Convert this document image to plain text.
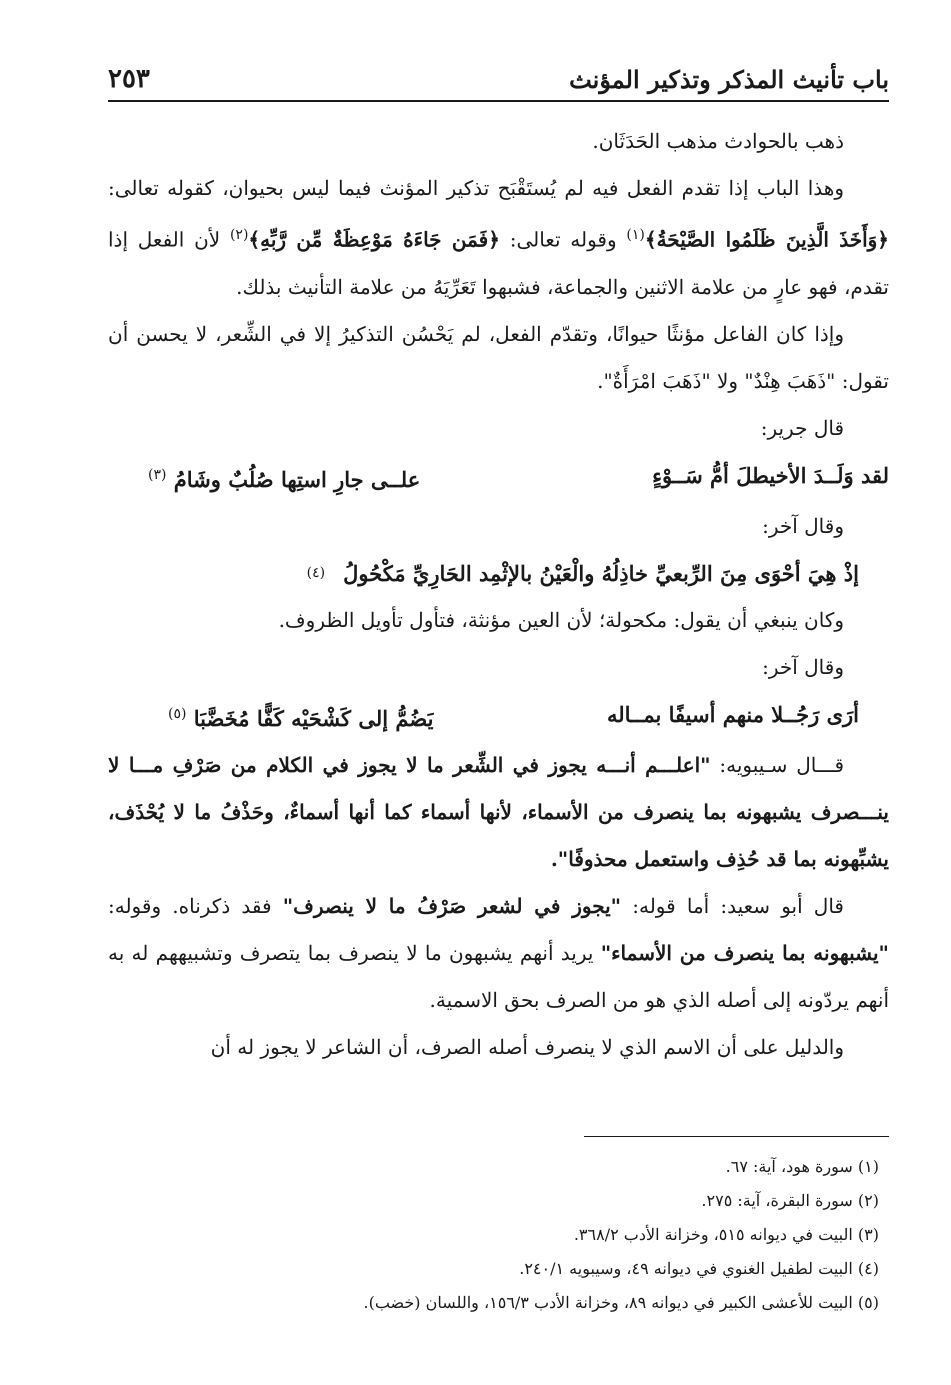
باب تأنيث المذكر وتذكير المؤنث
٢٥٣
ذهب بالحوادث مذهب الحَدَثَان.

وهذا الباب إذا تقدم الفعل فيه لم يُستَقْبَح تذكير المؤنث فيما ليس بحيوان، كقوله تعالى: ﴿وَأَخَذَ الَّذِينَ ظَلَمُوا الصَّيْحَةُ﴾$^{(١)}$ وقوله تعالى: ﴿فَمَن جَاءَهُ مَوْعِظَةٌ مِّن رَّبِّهِ﴾$^{(٢)}$ لأن الفعل إذا تقدم، فهو عارٍ من علامة الاثنين والجماعة، فشبهوا تَعَرِّيَهُ من علامة التأنيث بذلك.

وإذا كان الفاعل مؤنثًا حيوانًا، وتقدّم الفعل، لم يَحْسُن التذكيرُ إلا في الشِّعر، لا يحسن أن تقول: "ذَهَبَ هِنْدٌ" ولا "ذَهَبَ امْرَأَةٌ".

قال جرير:
لقد وَلَــدَ الأخيطلَ أمُّ سَــوْءٍ
علــى جارِ استِها صُلُبٌ وشَامُ $^{(٣)}$
وقال آخر:
إذْ هِيَ أحْوَى مِنَ الرِّبعيِّ خاذِلُهُ والْعَيْنُ بالإثْمِد الحَارِيِّ مَكْحُولُ
(٤)
وكان ينبغي أن يقول: مكحولة؛ لأن العين مؤنثة، فتأول تأويل الظروف.
وقال آخر:
أرَى رَجُــلا منهم أسيفًا بمــاله
يَضُمُّ إلى كَشْحَيْه كَفًّا مُخَضَّبَا $^{(٥)}$

قـــال سـيبويه: "اعلـــم أنـــه يجوز في الشِّعر ما لا يجوز في الكلام من صَرْفِ مـــا لا ينـــصرف يشبهونه بما ينصرف من الأسماء، لأنها أسماء كما أنها أسماءٌ، وحَذْفُ ما لا يُحْذَف، يشبِّهونه بما قد حُذِف واستعمل محذوفًا".

قال أبو سعيد: أما قوله: "يجوز في لشعر صَرْفُ ما لا ينصرف" فقد ذكرناه. وقوله: "يشبهونه بما ينصرف من الأسماء" يريد أنهم يشبهون ما لا ينصرف بما يتصرف وتشبيههم له به أنهم يردّونه إلى أصله الذي هو من الصرف بحق الاسمية.

والدليل على أن الاسم الذي لا ينصرف أصله الصرف، أن الشاعر لا يجوز له أن

(١) سورة هود، آية: ٦٧.
(٢) سورة البقرة، آية: ٢٧٥.
(٣) البيت في ديوانه ٥١٥، وخزانة الأدب ٣٦٨/٢.
(٤) البيت لطفيل الغنوي في ديوانه ٤٩، وسيبويه ٢٤٠/١.
(٥) البيت للأعشى الكبير في ديوانه ٨٩، وخزانة الأدب ١٥٦/٣، واللسان (خضب).
